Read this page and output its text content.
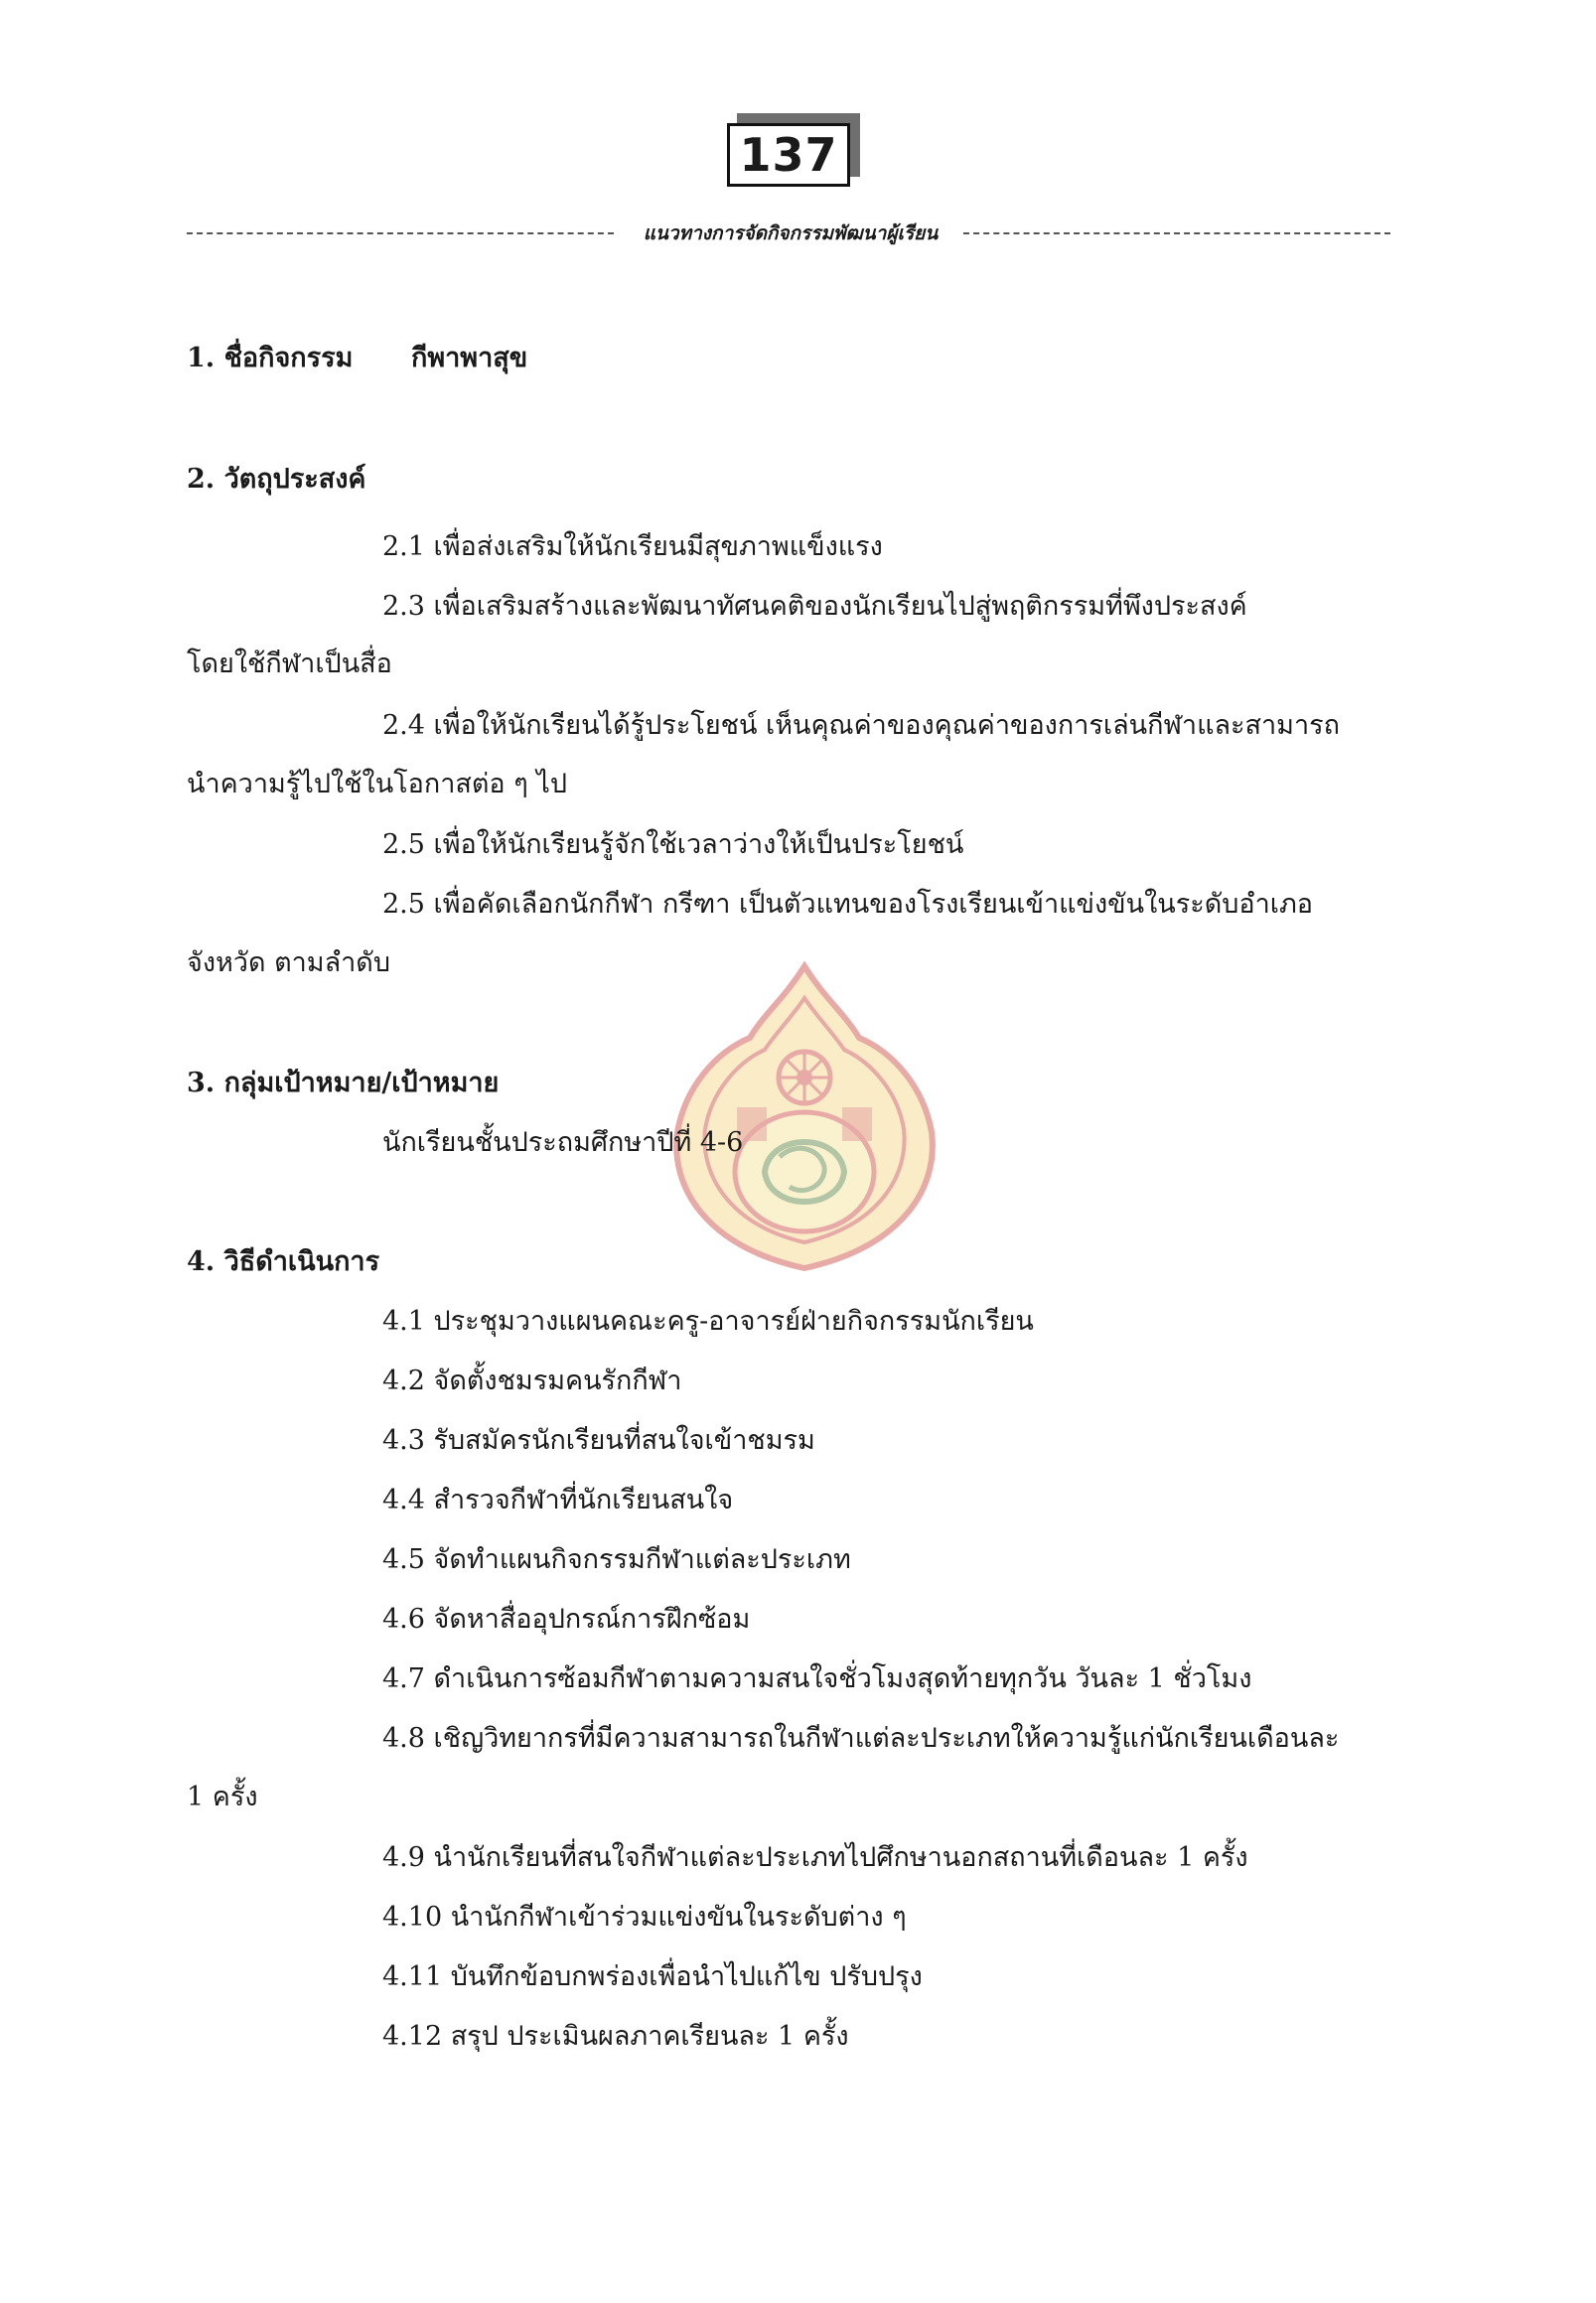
137
แนวทางการจัดกิจกรรมพัฒนาผู้เรียน
1. ชื่อกิจกรรม กีพาพาสุข
2. วัตถุประสงค์
2.1 เพื่อส่งเสริมให้นักเรียนมีสุขภาพแข็งแรง
2.3 เพื่อเสริมสร้างและพัฒนาทัศนคติของนักเรียนไปสู่พฤติกรรมที่พึงประสงค์
โดยใช้กีฬาเป็นสื่อ
2.4 เพื่อให้นักเรียนได้รู้ประโยชน์ เห็นคุณค่าของคุณค่าของการเล่นกีฬาและสามารถ
นำความรู้ไปใช้ในโอกาสต่อ ๆ ไป
2.5 เพื่อให้นักเรียนรู้จักใช้เวลาว่างให้เป็นประโยชน์
2.5 เพื่อคัดเลือกนักกีฬา กรีฑา เป็นตัวแทนของโรงเรียนเข้าแข่งขันในระดับอำเภอ
จังหวัด ตามลำดับ
3. กลุ่มเป้าหมาย/เป้าหมาย
นักเรียนชั้นประถมศึกษาปีที่ 4-6
4. วิธีดำเนินการ
4.1 ประชุมวางแผนคณะครู-อาจารย์ฝ่ายกิจกรรมนักเรียน
4.2 จัดตั้งชมรมคนรักกีฬา
4.3 รับสมัครนักเรียนที่สนใจเข้าชมรม
4.4 สำรวจกีฬาที่นักเรียนสนใจ
4.5 จัดทำแผนกิจกรรมกีฬาแต่ละประเภท
4.6 จัดหาสื่ออุปกรณ์การฝึกซ้อม
4.7 ดำเนินการซ้อมกีฬาตามความสนใจชั่วโมงสุดท้ายทุกวัน วันละ 1 ชั่วโมง
4.8 เชิญวิทยากรที่มีความสามารถในกีฬาแต่ละประเภทให้ความรู้แก่นักเรียนเดือนละ
1 ครั้ง
4.9 นำนักเรียนที่สนใจกีฬาแต่ละประเภทไปศึกษานอกสถานที่เดือนละ 1 ครั้ง
4.10 นำนักกีฬาเข้าร่วมแข่งขันในระดับต่าง ๆ
4.11 บันทึกข้อบกพร่องเพื่อนำไปแก้ไข ปรับปรุง
4.12 สรุป ประเมินผลภาคเรียนละ 1 ครั้ง
